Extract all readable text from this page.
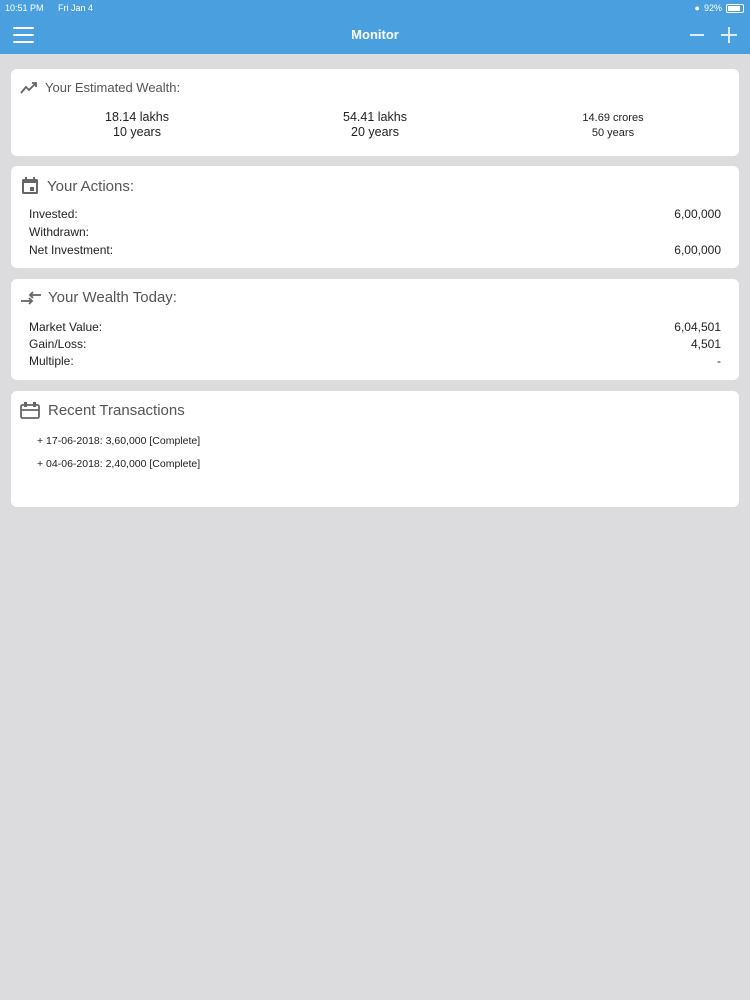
10:51 PM Fri Jan 4	● 92%
Monitor
Your Estimated Wealth:
18.14 lakhs
10 years
54.41 lakhs
20 years
14.69 crores
50 years
Your Actions:
Invested:	6,00,000
Withdrawn:
Net Investment:	6,00,000
Your Wealth Today:
Market Value:	6,04,501
Gain/Loss:	4,501
Multiple:	-
Recent Transactions
+ 17-06-2018: 3,60,000 [Complete]
+ 04-06-2018: 2,40,000 [Complete]
